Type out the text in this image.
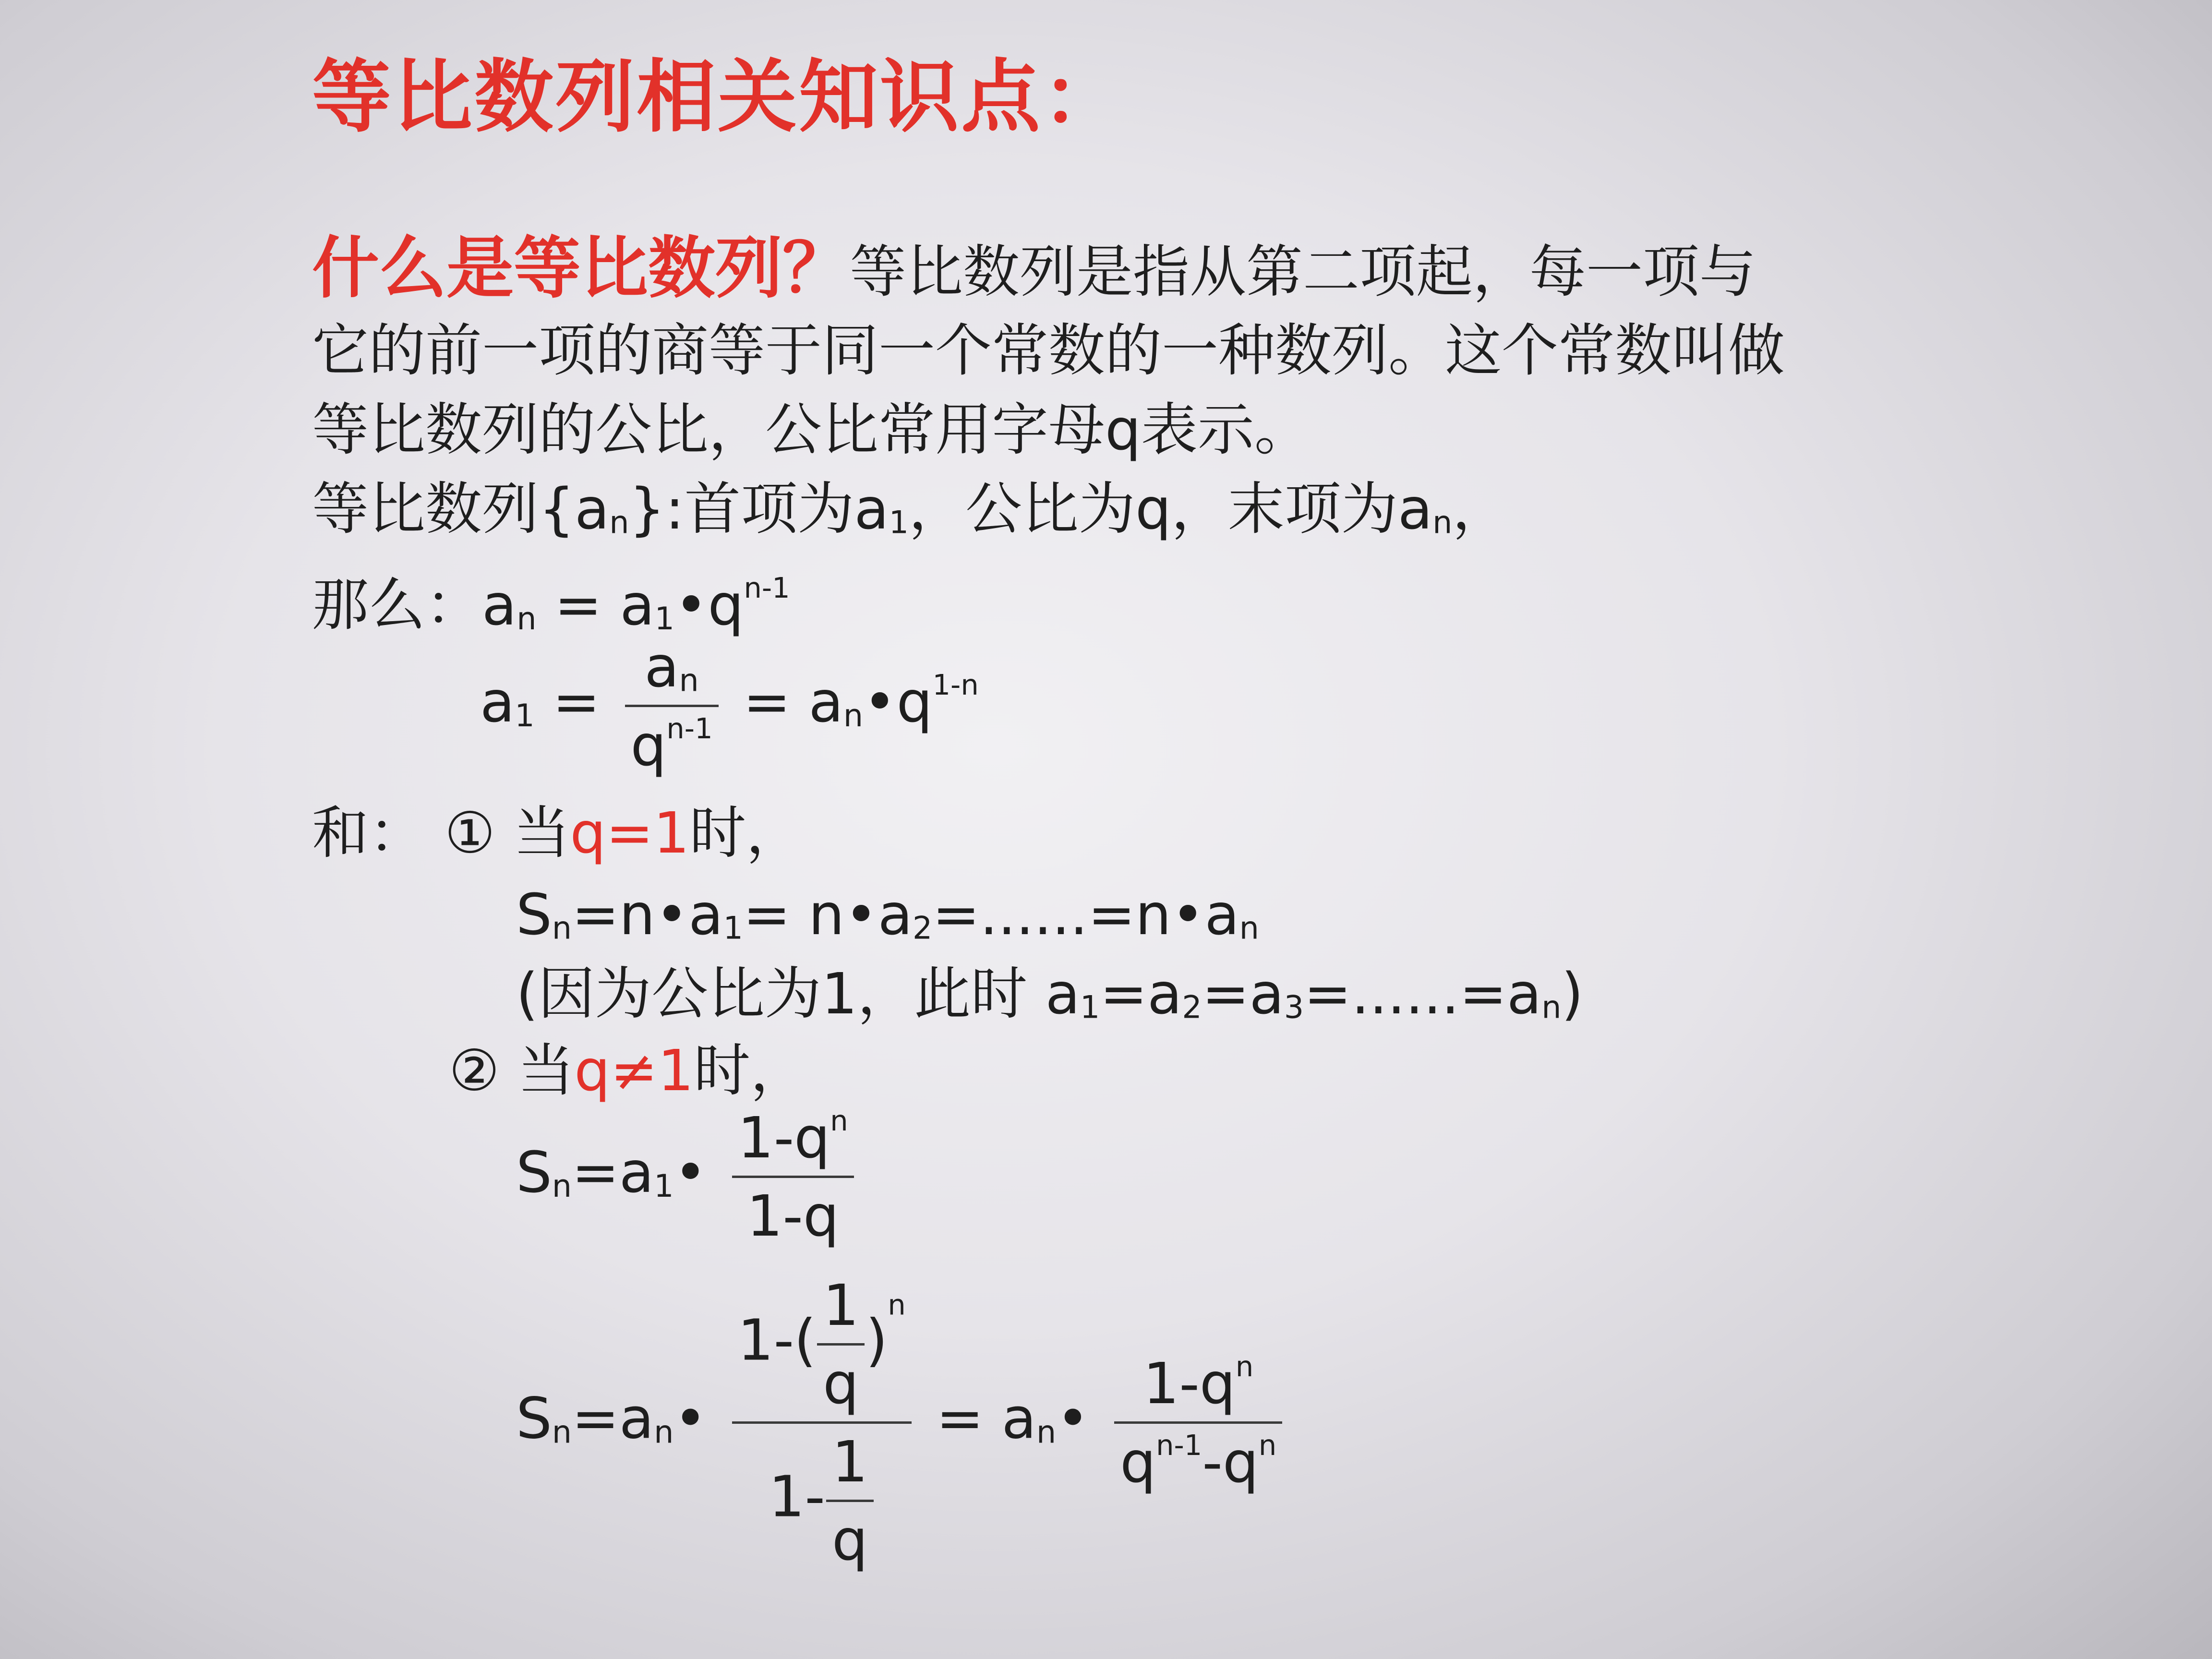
等比数列相关知识点：
什么是等比数列？等比数列是指从第二项起，每一项与
它的前一项的商等于同一个常数的一种数列。这个常数叫做
等比数列的公比，公比常用字母q表示。
等比数列{an}:首项为a1，公比为q，末项为an，
那么：an = $a1•q^{n-1}$
a1 =
an
$q^{n-1}$ = $an•q^{1-n}$
和： ① 当q=1时，
Sn=n•a1= n•a2=......=n•an
(因为公比为1，此时 a1=a2=a3=......=an)
② 当q≠1时，
Sn=a1•
$1-q^n$
1-q
Sn=an•
1-(
1
q
)$^n$
1-
1
q
= an•
$1-q^n$
$q^{n-1}-q^n$
